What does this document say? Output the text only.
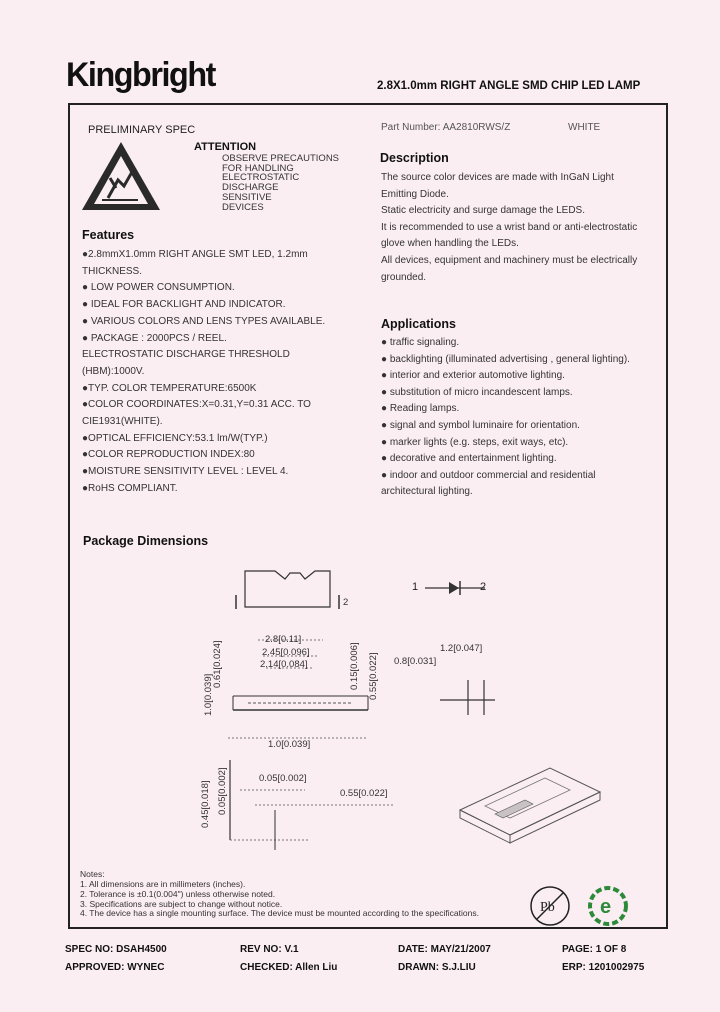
Kingbright	2.8X1.0mm RIGHT ANGLE SMD CHIP LED LAMP
PRELIMINARY SPEC
ATTENTION
OBSERVE PRECAUTIONS
FOR HANDLING
ELECTROSTATIC
DISCHARGE
SENSITIVE
DEVICES
Features
●2.8mmX1.0mm RIGHT ANGLE SMT LED, 1.2mm
THICKNESS.
● LOW POWER CONSUMPTION.
● IDEAL FOR BACKLIGHT AND INDICATOR.
● VARIOUS COLORS AND LENS TYPES AVAILABLE.
● PACKAGE : 2000PCS / REEL.
ELECTROSTATIC DISCHARGE THRESHOLD
(HBM):1000V.
●TYP. COLOR TEMPERATURE:6500K
●COLOR COORDINATES:X=0.31,Y=0.31 ACC. TO
CIE1931(WHITE).
●OPTICAL EFFICIENCY:53.1 lm/W(TYP.)
●COLOR REPRODUCTION INDEX:80
●MOISTURE SENSITIVITY LEVEL : LEVEL 4.
●RoHS COMPLIANT.
Part Number: AA2810RWS/Z	WHITE
Description
The source color devices are made with InGaN Light
Emitting Diode.
Static electricity and surge damage the LEDS.
It is recommended to use a wrist band or anti-electrostatic
glove when handling the LEDs.
All devices, equipment and machinery must be electrically
grounded.
Applications
● traffic signaling.
● backlighting (illuminated advertising , general lighting).
● interior and exterior automotive lighting.
● substitution of micro incandescent lamps.
● Reading lamps.
● signal and symbol luminaire for orientation.
● marker lights (e.g. steps, exit ways, etc).
● decorative and entertainment lighting.
● indoor and outdoor commercial and residential
architectural lighting.
Package Dimensions
2
1	2
2.8[0.11]
2.45[0.096]
2.14[0.084]
1.0[0.039]
1.0[0.039]
0.61[0.024]	0.15[0.006] 0.55[0.022]
1.2[0.047]
0.8[0.031]
0.05[0.002]
0.55[0.022]
0.45[0.018] 0.05[0.002]
Notes:
1. All dimensions are in millimeters (inches).
2. Tolerance is ±0.1(0.004") unless otherwise noted.
3. Specifications are subject to change without notice.
4. The device has a single mounting surface. The device must be mounted according to the specifications.	Pb e
SPEC NO: DSAH4500	REV NO: V.1	DATE: MAY/21/2007	PAGE: 1 OF 8
APPROVED: WYNEC	CHECKED: Allen Liu	DRAWN: S.J.LIU	ERP: 1201002975
